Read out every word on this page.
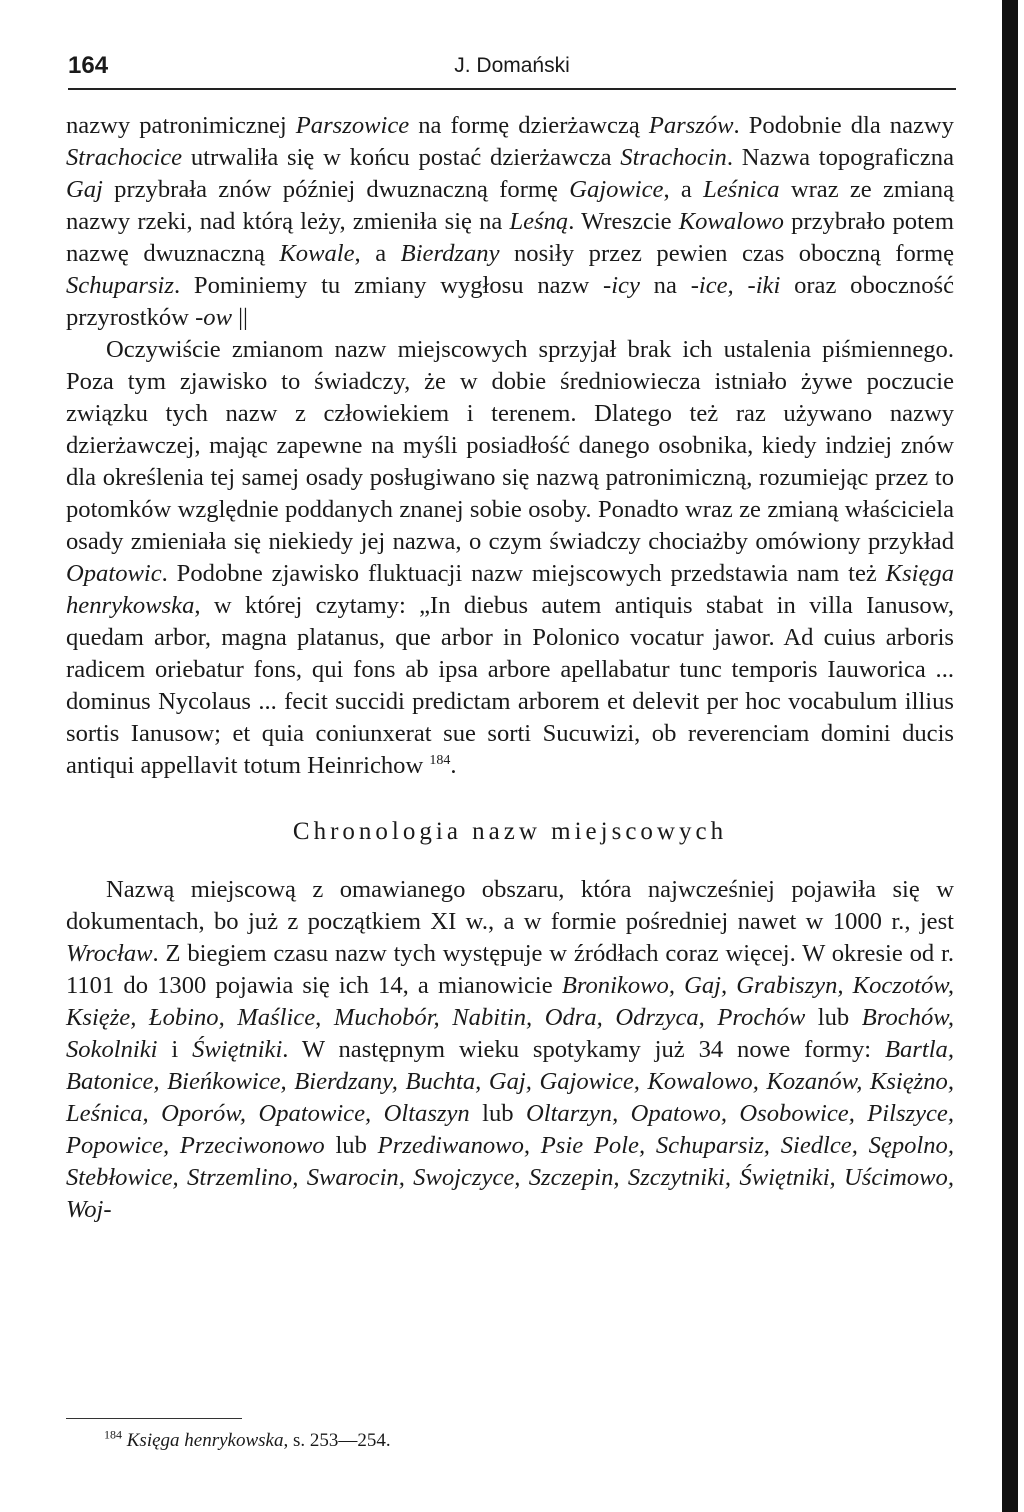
164	J. Domański

nazwy patronimicznej Parszowice na formę dzierżawczą Parszów. Podobnie dla nazwy Strachocice utrwaliła się w końcu postać dzierżawcza Strachocin. Nazwa topograficzna Gaj przybrała znów później dwuznaczną formę Gajowice, a Leśnica wraz ze zmianą nazwy rzeki, nad którą leży, zmieniła się na Leśną. Wreszcie Kowalowo przybrało potem nazwę dwuznaczną Kowale, a Bierdzany nosiły przez pewien czas oboczną formę Schuparsiz. Pominiemy tu zmiany wygłosu nazw -icy na -ice, -iki oraz oboczność przyrostków -ow ||

Oczywiście zmianom nazw miejscowych sprzyjał brak ich ustalenia piśmiennego. Poza tym zjawisko to świadczy, że w dobie średniowiecza istniało żywe poczucie związku tych nazw z człowiekiem i terenem. Dlatego też raz używano nazwy dzierżawczej, mając zapewne na myśli posiadłość danego osobnika, kiedy indziej znów dla określenia tej samej osady posługiwano się nazwą patronimiczną, rozumiejąc przez to potomków względnie poddanych znanej sobie osoby. Ponadto wraz ze zmianą właściciela osady zmieniała się niekiedy jej nazwa, o czym świadczy chociażby omówiony przykład Opatowic. Podobne zjawisko fluktuacji nazw miejscowych przedstawia nam też Księga henrykowska, w której czytamy: „In diebus autem antiquis stabat in villa Ianusow, quedam arbor, magna platanus, que arbor in Polonico vocatur jawor. Ad cuius arboris radicem oriebatur fons, qui fons ab ipsa arbore apellabatur tunc temporis Iauworica ... dominus Nycolaus ... fecit succidi predictam arborem et delevit per hoc vocabulum illius sortis Ianusow; et quia coniunxerat sue sorti Sucuwizi, ob reverenciam domini ducis antiqui appellavit totum Heinrichow $^{184}$.

Chronologia nazw miejscowych

Nazwą miejscową z omawianego obszaru, która najwcześniej pojawiła się w dokumentach, bo już z początkiem XI w., a w formie pośredniej nawet w 1000 r., jest Wrocław. Z biegiem czasu nazw tych występuje w źródłach coraz więcej. W okresie od r. 1101 do 1300 pojawia się ich 14, a mianowicie Bronikowo, Gaj, Grabiszyn, Koczotów, Księże, Łobino, Maślice, Muchobór, Nabitin, Odra, Odrzyca, Prochów lub Brochów, Sokolniki i Świętniki. W następnym wieku spotykamy już 34 nowe formy: Bartla, Batonice, Bieńkowice, Bierdzany, Buchta, Gaj, Gajowice, Kowalowo, Kozanów, Księżno, Leśnica, Oporów, Opatowice, Oltaszyn lub Oltarzyn, Opatowo, Osobowice, Pilszyce, Popowice, Przeciwonowo lub Przediwanowo, Psie Pole, Schuparsiz, Siedlce, Sępolno, Stebłowice, Strzemlino, Swarocin, Swojczyce, Szczepin, Szczytniki, Świętniki, Uścimowo, Woj-

$^{184}$ Księga henrykowska, s. 253—254.
